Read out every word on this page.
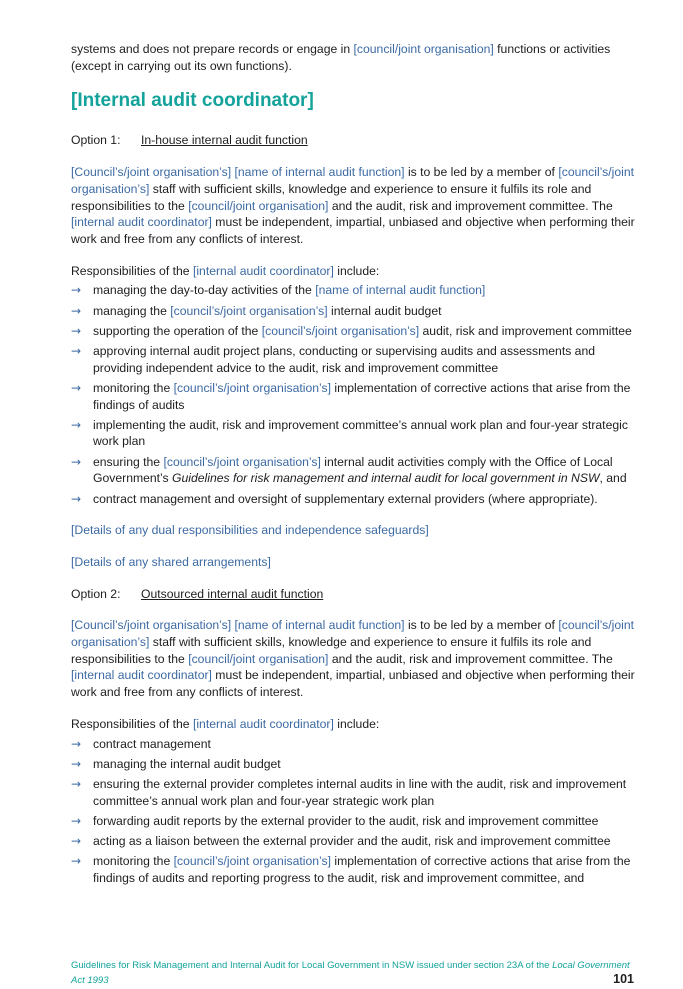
systems and does not prepare records or engage in [council/joint organisation] functions or activities (except in carrying out its own functions).

[Internal audit coordinator]

Option 1: In-house internal audit function

[Council’s/joint organisation’s] [name of internal audit function] is to be led by a member of [council’s/joint organisation’s] staff with sufficient skills, knowledge and experience to ensure it fulfils its role and responsibilities to the [council/joint organisation] and the audit, risk and improvement committee. The [internal audit coordinator] must be independent, impartial, unbiased and objective when performing their work and free from any conflicts of interest.

Responsibilities of the [internal audit coordinator] include:

→ managing the day-to-day activities of the [name of internal audit function]
→ managing the [council’s/joint organisation’s] internal audit budget
→ supporting the operation of the [council’s/joint organisation’s] audit, risk and improvement committee
→ approving internal audit project plans, conducting or supervising audits and assessments and providing independent advice to the audit, risk and improvement committee
→ monitoring the [council’s/joint organisation’s] implementation of corrective actions that arise from the findings of audits
→ implementing the audit, risk and improvement committee’s annual work plan and four-year strategic work plan
→ ensuring the [council’s/joint organisation’s] internal audit activities comply with the Office of Local Government’s Guidelines for risk management and internal audit for local government in NSW, and
→ contract management and oversight of supplementary external providers (where appropriate).

[Details of any dual responsibilities and independence safeguards]

[Details of any shared arrangements]

Option 2: Outsourced internal audit function

[Council’s/joint organisation’s] [name of internal audit function] is to be led by a member of [council’s/joint organisation’s] staff with sufficient skills, knowledge and experience to ensure it fulfils its role and responsibilities to the [council/joint organisation] and the audit, risk and improvement committee. The [internal audit coordinator] must be independent, impartial, unbiased and objective when performing their work and free from any conflicts of interest.

Responsibilities of the [internal audit coordinator] include:

→ contract management
→ managing the internal audit budget
→ ensuring the external provider completes internal audits in line with the audit, risk and improvement committee’s annual work plan and four-year strategic work plan
→ forwarding audit reports by the external provider to the audit, risk and improvement committee
→ acting as a liaison between the external provider and the audit, risk and improvement committee
→ monitoring the [council’s/joint organisation’s] implementation of corrective actions that arise from the findings of audits and reporting progress to the audit, risk and improvement committee, and
Guidelines for Risk Management and Internal Audit for Local Government in NSW issued under section 23A of the Local Government Act 1993	101
